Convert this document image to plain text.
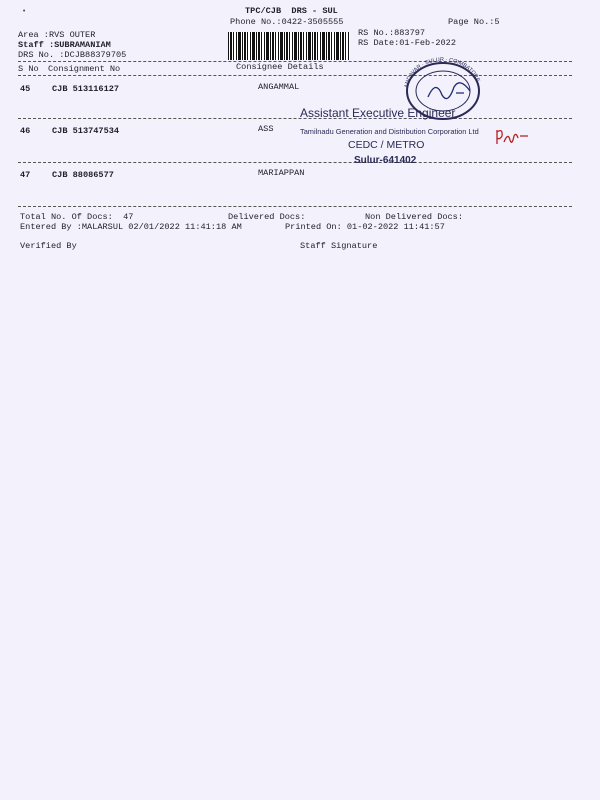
•	TPC/CJB  DRS - SUL
Phone No.:0422-3505555	Page No.:5
RS No.:883797
RS Date:01-Feb-2022
Area :RVS OUTER
Staff :SUBRAMANIAM
DRS No. :DCJB88379705
S No Consignment No	Consignee Details
45	CJB 513116127	ANGAMMAL
46	CJB 513747534	ASS
47	CJB 88086577	MARIAPPAN
Total No. Of Docs:  47	Delivered Docs:	Non Delivered Docs:
Entered By :MALARSUL 02/01/2022 11:41:18 AM	Printed On: 01-02-2022 11:41:57
Verified By	Staff Signature
ANDAVAR · SULUR · COIMBATORE
Assistant Executive Engineer
Tamilnadu Generation and Distribution Corporation Ltd
CEDC / METRO
Sulur-641402
